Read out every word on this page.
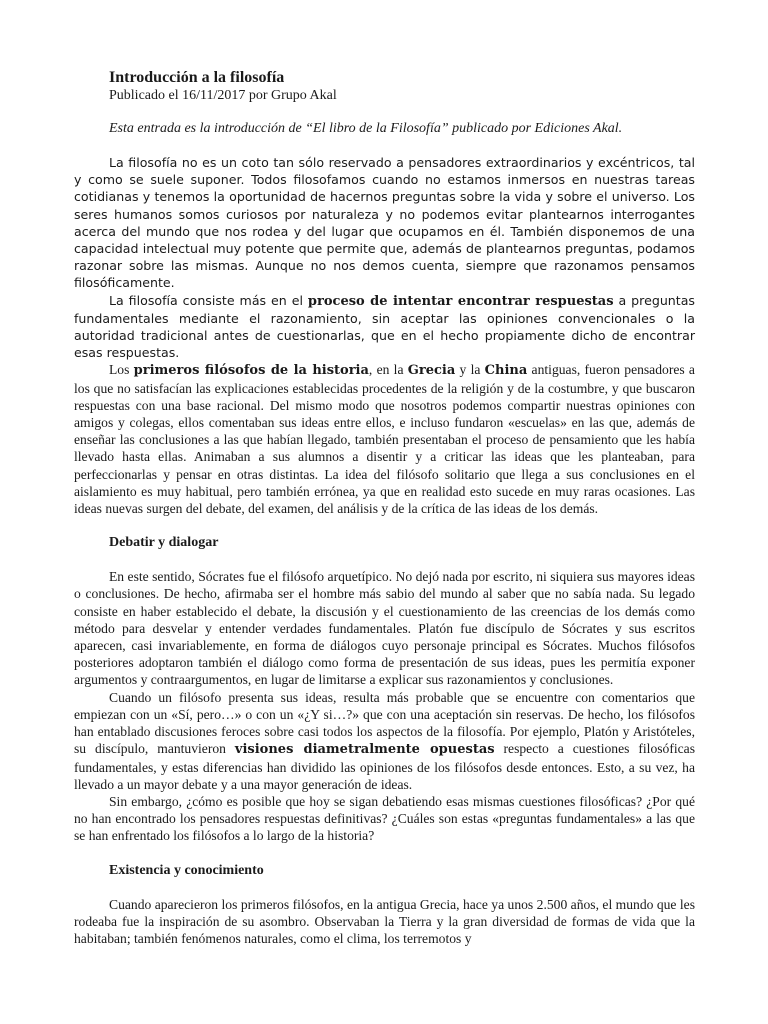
Introducción a la filosofía
Publicado el 16/11/2017 por Grupo Akal
Esta entrada es la introducción de “El libro de la Filosofía” publicado por Ediciones Akal.

La filosofía no es un coto tan sólo reservado a pensadores extraordinarios y excéntricos, tal y como se suele suponer. Todos filosofamos cuando no estamos inmersos en nuestras tareas cotidianas y tenemos la oportunidad de hacernos preguntas sobre la vida y sobre el universo. Los seres humanos somos curiosos por naturaleza y no podemos evitar plantearnos interrogantes acerca del mundo que nos rodea y del lugar que ocupamos en él. También disponemos de una capacidad intelectual muy potente que permite que, además de plantearnos preguntas, podamos razonar sobre las mismas. Aunque no nos demos cuenta, siempre que razonamos pensamos filosóficamente.

La filosofía consiste más en el proceso de intentar encontrar respuestas a preguntas fundamentales mediante el razonamiento, sin aceptar las opiniones convencionales o la autoridad tradicional antes de cuestionarlas, que en el hecho propiamente dicho de encontrar esas respuestas.

Los primeros filósofos de la historia, en la Grecia y la China antiguas, fueron pensadores a los que no satisfacían las explicaciones establecidas procedentes de la religión y de la costumbre, y que buscaron respuestas con una base racional. Del mismo modo que nosotros podemos compartir nuestras opiniones con amigos y colegas, ellos comentaban sus ideas entre ellos, e incluso fundaron «escuelas» en las que, además de enseñar las conclusiones a las que habían llegado, también presentaban el proceso de pensamiento que les había llevado hasta ellas. Animaban a sus alumnos a disentir y a criticar las ideas que les planteaban, para perfeccionarlas y pensar en otras distintas. La idea del filósofo solitario que llega a sus conclusiones en el aislamiento es muy habitual, pero también errónea, ya que en realidad esto sucede en muy raras ocasiones. Las ideas nuevas surgen del debate, del examen, del análisis y de la crítica de las ideas de los demás.

Debatir y dialogar

En este sentido, Sócrates fue el filósofo arquetípico. No dejó nada por escrito, ni siquiera sus mayores ideas o conclusiones. De hecho, afirmaba ser el hombre más sabio del mundo al saber que no sabía nada. Su legado consiste en haber establecido el debate, la discusión y el cuestionamiento de las creencias de los demás como método para desvelar y entender verdades fundamentales. Platón fue discípulo de Sócrates y sus escritos aparecen, casi invariablemente, en forma de diálogos cuyo personaje principal es Sócrates. Muchos filósofos posteriores adoptaron también el diálogo como forma de presentación de sus ideas, pues les permitía exponer argumentos y contraargumentos, en lugar de limitarse a explicar sus razonamientos y conclusiones.

Cuando un filósofo presenta sus ideas, resulta más probable que se encuentre con comentarios que empiezan con un «Sí, pero…» o con un «¿Y si…?» que con una aceptación sin reservas. De hecho, los filósofos han entablado discusiones feroces sobre casi todos los aspectos de la filosofía. Por ejemplo, Platón y Aristóteles, su discípulo, mantuvieron visiones diametralmente opuestas respecto a cuestiones filosóficas fundamentales, y estas diferencias han dividido las opiniones de los filósofos desde entonces. Esto, a su vez, ha llevado a un mayor debate y a una mayor generación de ideas.

Sin embargo, ¿cómo es posible que hoy se sigan debatiendo esas mismas cuestiones filosóficas? ¿Por qué no han encontrado los pensadores respuestas definitivas? ¿Cuáles son estas «preguntas fundamentales» a las que se han enfrentado los filósofos a lo largo de la historia?

Existencia y conocimiento

Cuando aparecieron los primeros filósofos, en la antigua Grecia, hace ya unos 2.500 años, el mundo que les rodeaba fue la inspiración de su asombro. Observaban la Tierra y la gran diversidad de formas de vida que la habitaban; también fenómenos naturales, como el clima, los terremotos y
